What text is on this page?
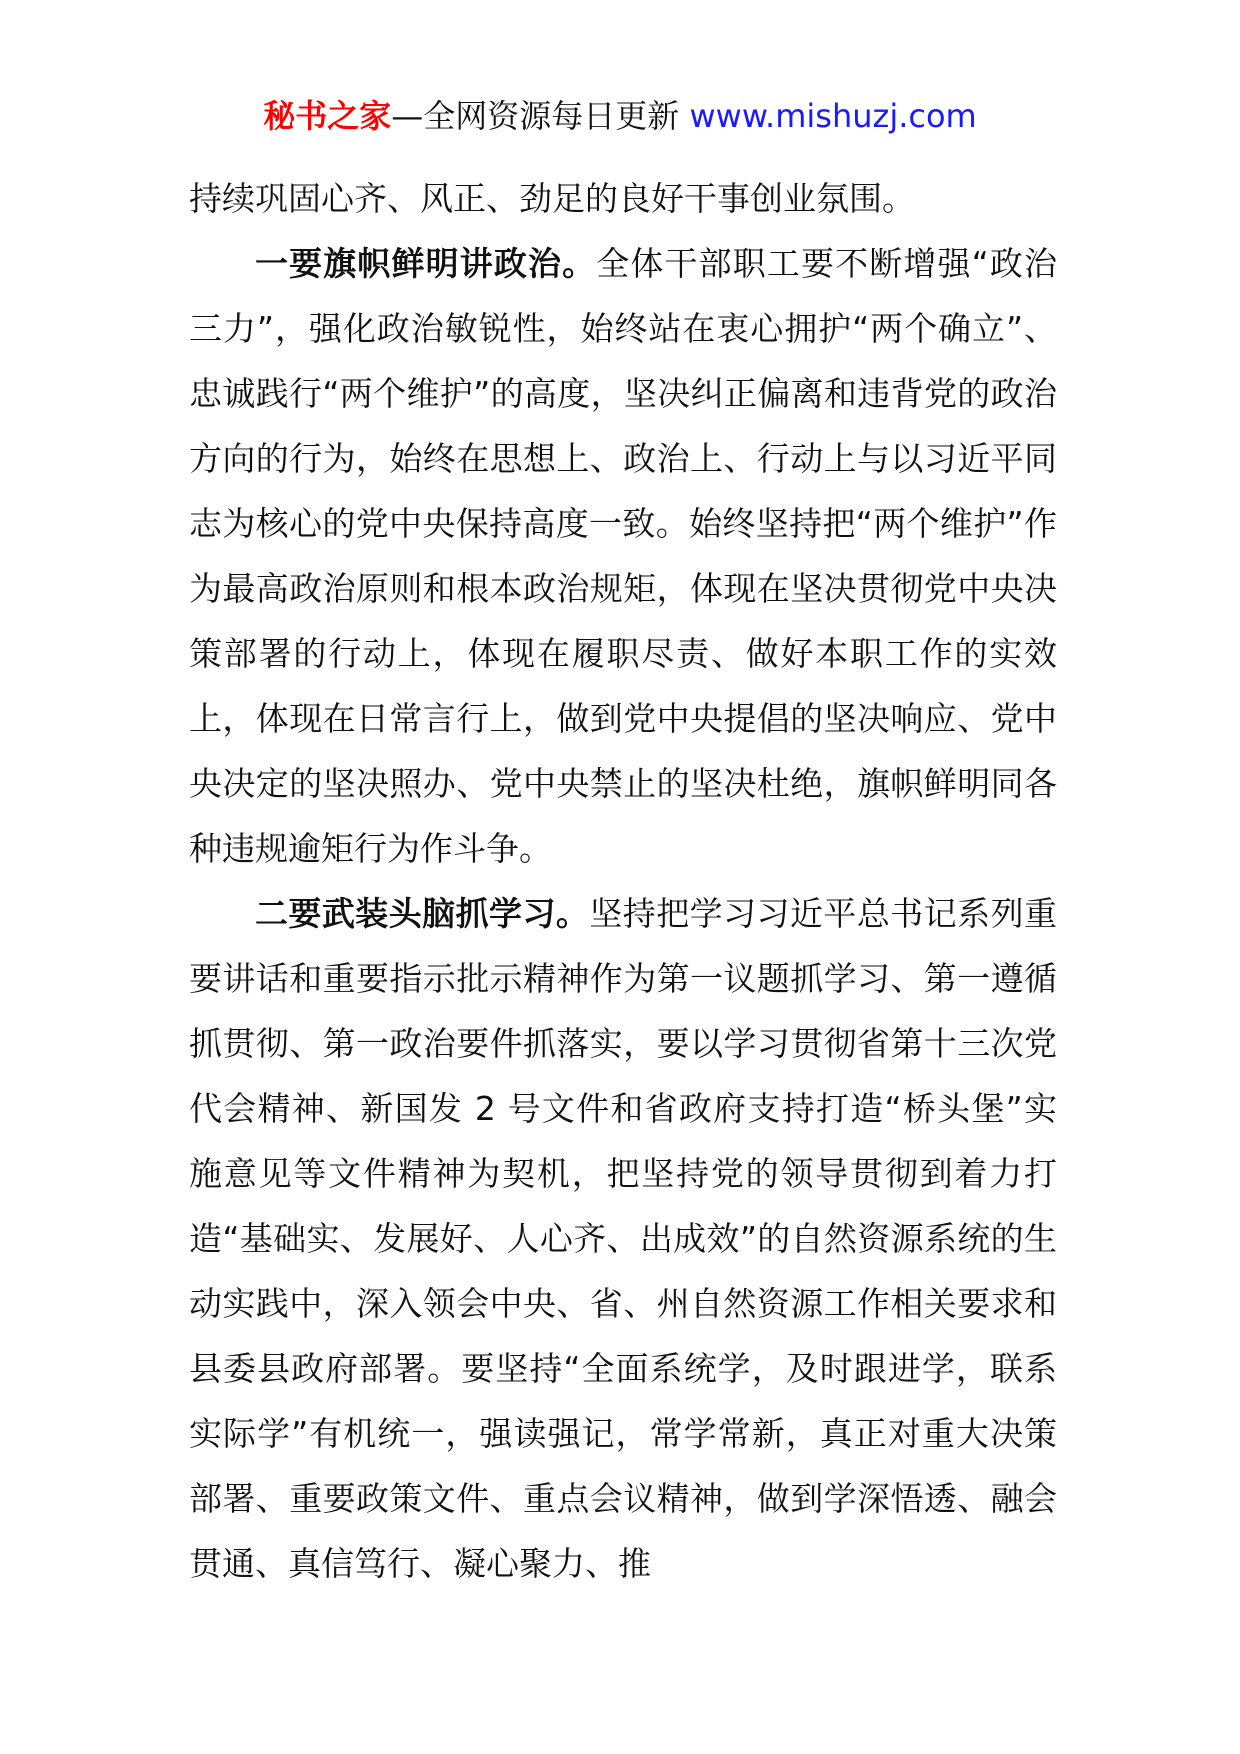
秘书之家—全网资源每日更新 www.mishuzj.com

持续巩固心齐、风正、劲足的良好干事创业氛围。

一要旗帜鲜明讲政治。全体干部职工要不断增强“政治三力”，强化政治敏锐性，始终站在衷心拥护“两个确立”、忠诚践行“两个维护”的高度，坚决纠正偏离和违背党的政治方向的行为，始终在思想上、政治上、行动上与以习近平同志为核心的党中央保持高度一致。始终坚持把“两个维护”作为最高政治原则和根本政治规矩，体现在坚决贯彻党中央决策部署的行动上，体现在履职尽责、做好本职工作的实效上，体现在日常言行上，做到党中央提倡的坚决响应、党中央决定的坚决照办、党中央禁止的坚决杜绝，旗帜鲜明同各种违规逾矩行为作斗争。

二要武装头脑抓学习。坚持把学习习近平总书记系列重要讲话和重要指示批示精神作为第一议题抓学习、第一遵循抓贯彻、第一政治要件抓落实，要以学习贯彻省第十三次党代会精神、新国发 2 号文件和省政府支持打造“桥头堡”实施意见等文件精神为契机，把坚持党的领导贯彻到着力打造“基础实、发展好、人心齐、出成效”的自然资源系统的生动实践中，深入领会中央、省、州自然资源工作相关要求和县委县政府部署。要坚持“全面系统学，及时跟进学，联系实际学”有机统一，强读强记，常学常新，真正对重大决策部署、重要政策文件、重点会议精神，做到学深悟透、融会贯通、真信笃行、凝心聚力、推
